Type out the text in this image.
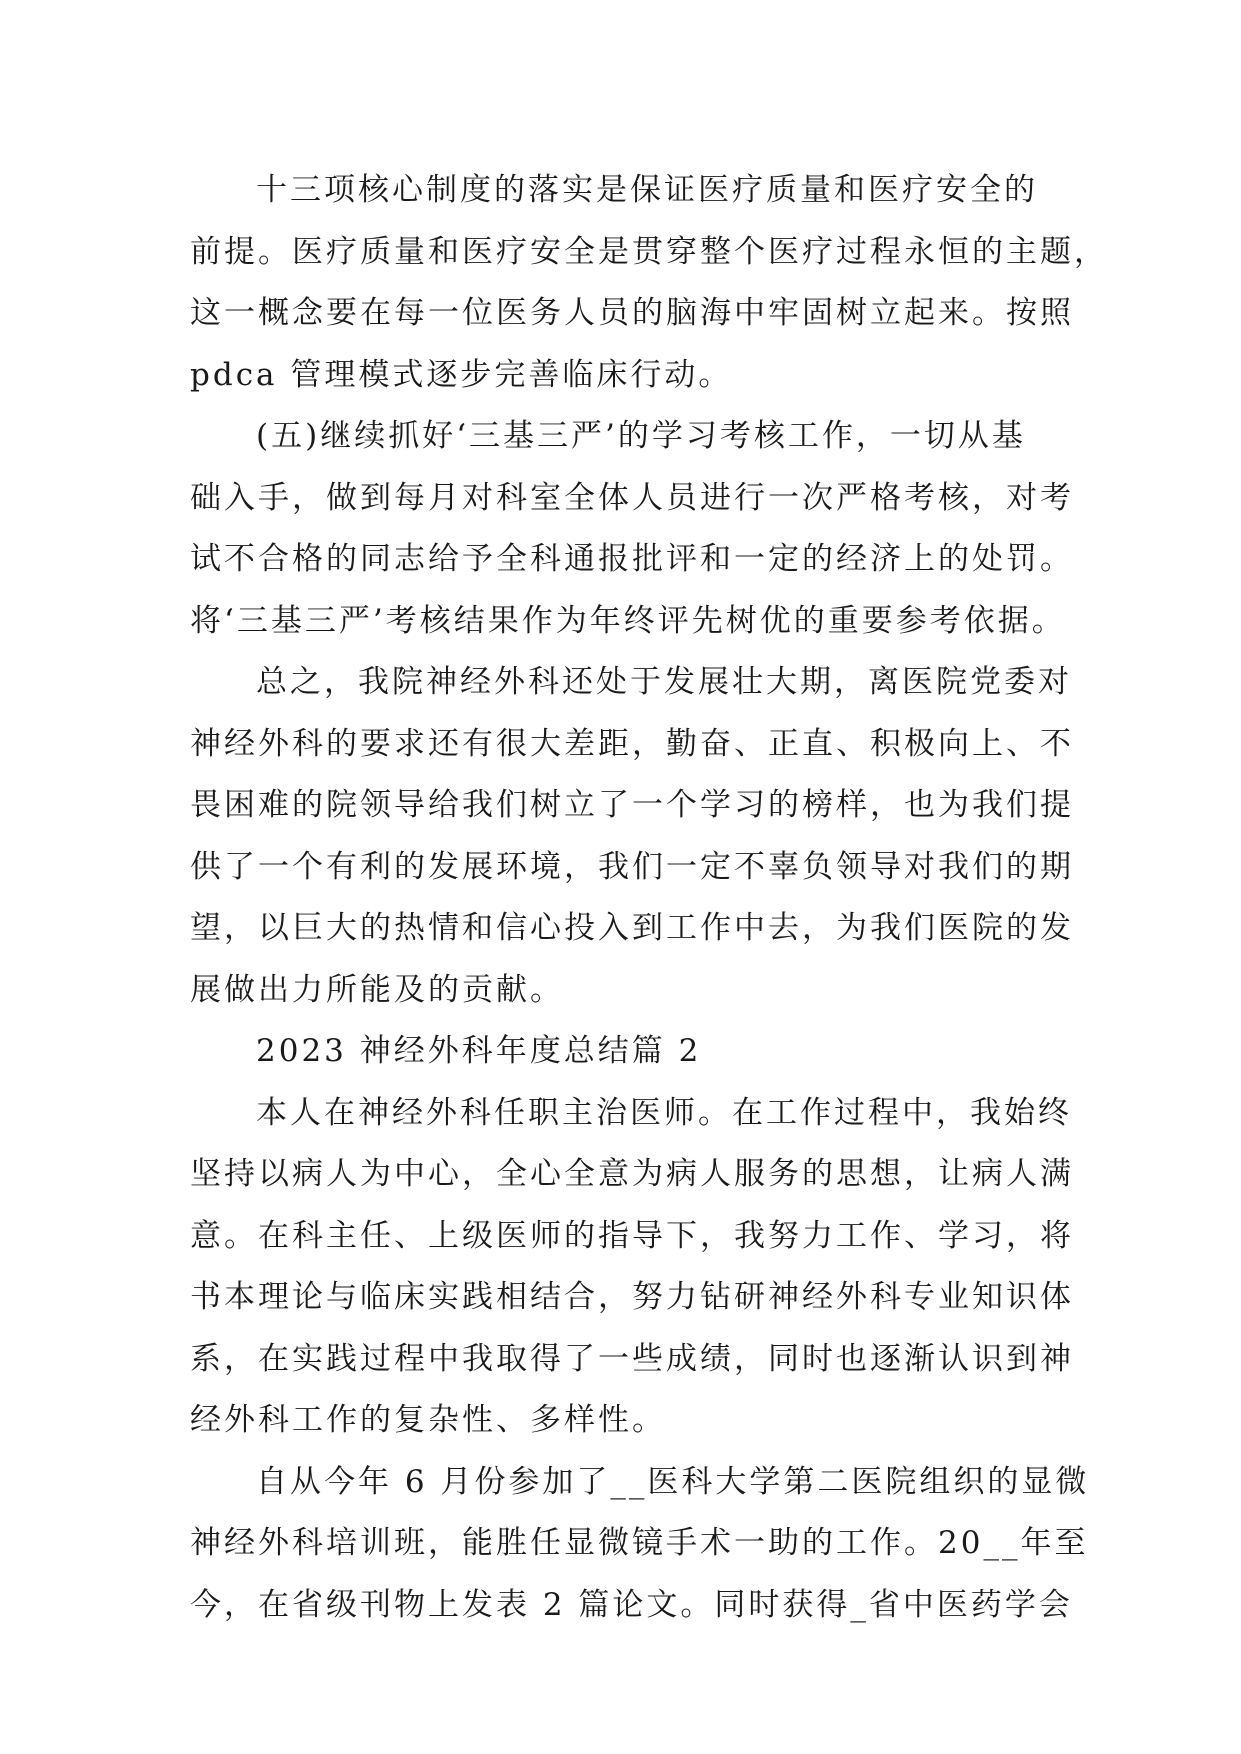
十三项核心制度的落实是保证医疗质量和医疗安全的
前提。医疗质量和医疗安全是贯穿整个医疗过程永恒的主题，
这一概念要在每一位医务人员的脑海中牢固树立起来。按照
pdca 管理模式逐步完善临床行动。
(五)继续抓好‘三基三严’的学习考核工作，一切从基
础入手，做到每月对科室全体人员进行一次严格考核，对考
试不合格的同志给予全科通报批评和一定的经济上的处罚。
将‘三基三严’考核结果作为年终评先树优的重要参考依据。
总之，我院神经外科还处于发展壮大期，离医院党委对
神经外科的要求还有很大差距，勤奋、正直、积极向上、不
畏困难的院领导给我们树立了一个学习的榜样，也为我们提
供了一个有利的发展环境，我们一定不辜负领导对我们的期
望，以巨大的热情和信心投入到工作中去，为我们医院的发
展做出力所能及的贡献。
2023 神经外科年度总结篇 2
本人在神经外科任职主治医师。在工作过程中，我始终
坚持以病人为中心，全心全意为病人服务的思想，让病人满
意。在科主任、上级医师的指导下，我努力工作、学习，将
书本理论与临床实践相结合，努力钻研神经外科专业知识体
系，在实践过程中我取得了一些成绩，同时也逐渐认识到神
经外科工作的复杂性、多样性。
自从今年 6 月份参加了__医科大学第二医院组织的显微
神经外科培训班，能胜任显微镜手术一助的工作。20__年至
今，在省级刊物上发表 2 篇论文。同时获得_省中医药学会
